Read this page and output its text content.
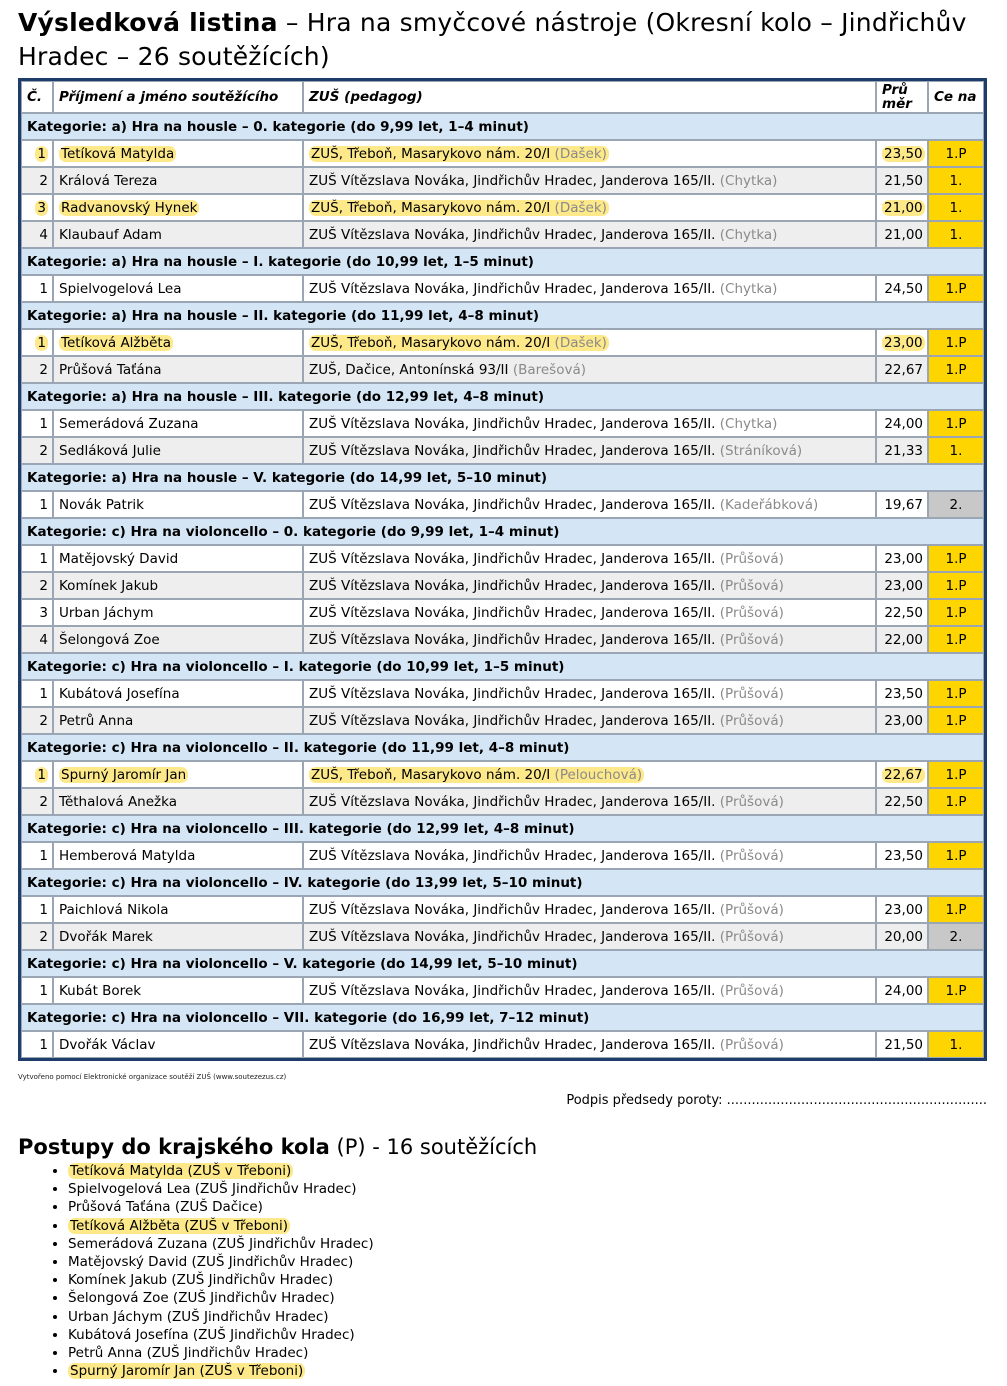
Výsledková listina – Hra na smyčcové nástroje (Okresní kolo – Jindřichův Hradec – 26 soutěžících)
Č.	Příjmení a jméno soutěžícího	ZUŠ (pedagog)	Prů měr	Ce na
Kategorie: a) Hra na housle – 0. kategorie (do 9,99 let, 1–4 minut)				
1	Tetíková Matylda	ZUŠ, Třeboň, Masarykovo nám. 20/I (Dašek)	23,50	1.P
2	Králová Tereza	ZUŠ Vítězslava Nováka, Jindřichův Hradec, Janderova 165/II. (Chytka)	21,50	1.
3	Radvanovský Hynek	ZUŠ, Třeboň, Masarykovo nám. 20/I (Dašek)	21,00	1.
4	Klaubauf Adam	ZUŠ Vítězslava Nováka, Jindřichův Hradec, Janderova 165/II. (Chytka)	21,00	1.
Kategorie: a) Hra na housle – I. kategorie (do 10,99 let, 1–5 minut)				
1	Spielvogelová Lea	ZUŠ Vítězslava Nováka, Jindřichův Hradec, Janderova 165/II. (Chytka)	24,50	1.P
Kategorie: a) Hra na housle – II. kategorie (do 11,99 let, 4–8 minut)				
1	Tetíková Alžběta	ZUŠ, Třeboň, Masarykovo nám. 20/I (Dašek)	23,00	1.P
2	Průšová Taťána	ZUŠ, Dačice, Antonínská 93/II (Barešová)	22,67	1.P
Kategorie: a) Hra na housle – III. kategorie (do 12,99 let, 4–8 minut)				
1	Semerádová Zuzana	ZUŠ Vítězslava Nováka, Jindřichův Hradec, Janderova 165/II. (Chytka)	24,00	1.P
2	Sedláková Julie	ZUŠ Vítězslava Nováka, Jindřichův Hradec, Janderova 165/II. (Stráníková)	21,33	1.
Kategorie: a) Hra na housle – V. kategorie (do 14,99 let, 5–10 minut)				
1	Novák Patrik	ZUŠ Vítězslava Nováka, Jindřichův Hradec, Janderova 165/II. (Kadeřábková)	19,67	2.
Kategorie: c) Hra na violoncello – 0. kategorie (do 9,99 let, 1–4 minut)				
1	Matějovský David	ZUŠ Vítězslava Nováka, Jindřichův Hradec, Janderova 165/II. (Průšová)	23,00	1.P
2	Komínek Jakub	ZUŠ Vítězslava Nováka, Jindřichův Hradec, Janderova 165/II. (Průšová)	23,00	1.P
3	Urban Jáchym	ZUŠ Vítězslava Nováka, Jindřichův Hradec, Janderova 165/II. (Průšová)	22,50	1.P
4	Šelongová Zoe	ZUŠ Vítězslava Nováka, Jindřichův Hradec, Janderova 165/II. (Průšová)	22,00	1.P
Kategorie: c) Hra na violoncello – I. kategorie (do 10,99 let, 1–5 minut)				
1	Kubátová Josefína	ZUŠ Vítězslava Nováka, Jindřichův Hradec, Janderova 165/II. (Průšová)	23,50	1.P
2	Petrů Anna	ZUŠ Vítězslava Nováka, Jindřichův Hradec, Janderova 165/II. (Průšová)	23,00	1.P
Kategorie: c) Hra na violoncello – II. kategorie (do 11,99 let, 4–8 minut)				
1	Spurný Jaromír Jan	ZUŠ, Třeboň, Masarykovo nám. 20/I (Pelouchová)	22,67	1.P
2	Těthalová Anežka	ZUŠ Vítězslava Nováka, Jindřichův Hradec, Janderova 165/II. (Průšová)	22,50	1.P
Kategorie: c) Hra na violoncello – III. kategorie (do 12,99 let, 4–8 minut)				
1	Hemberová Matylda	ZUŠ Vítězslava Nováka, Jindřichův Hradec, Janderova 165/II. (Průšová)	23,50	1.P
Kategorie: c) Hra na violoncello – IV. kategorie (do 13,99 let, 5–10 minut)				
1	Paichlová Nikola	ZUŠ Vítězslava Nováka, Jindřichův Hradec, Janderova 165/II. (Průšová)	23,00	1.P
2	Dvořák Marek	ZUŠ Vítězslava Nováka, Jindřichův Hradec, Janderova 165/II. (Průšová)	20,00	2.
Kategorie: c) Hra na violoncello – V. kategorie (do 14,99 let, 5–10 minut)				
1	Kubát Borek	ZUŠ Vítězslava Nováka, Jindřichův Hradec, Janderova 165/II. (Průšová)	24,00	1.P
Kategorie: c) Hra na violoncello – VII. kategorie (do 16,99 let, 7–12 minut)				
1	Dvořák Václav	ZUŠ Vítězslava Nováka, Jindřichův Hradec, Janderova 165/II. (Průšová)	21,50	1.
Vytvořeno pomocí Elektronické organizace soutěží ZUŠ (www.soutezezus.cz)
Podpis předsedy poroty: ...............................................................
Postupy do krajského kola (P) - 16 soutěžících
• Tetíková Matylda (ZUŠ v Třeboni)
• Spielvogelová Lea (ZUŠ Jindřichův Hradec)
• Průšová Taťána (ZUŠ Dačice)
• Tetíková Alžběta (ZUŠ v Třeboni)
• Semerádová Zuzana (ZUŠ Jindřichův Hradec)
• Matějovský David (ZUŠ Jindřichův Hradec)
• Komínek Jakub (ZUŠ Jindřichův Hradec)
• Šelongová Zoe (ZUŠ Jindřichův Hradec)
• Urban Jáchym (ZUŠ Jindřichův Hradec)
• Kubátová Josefína (ZUŠ Jindřichův Hradec)
• Petrů Anna (ZUŠ Jindřichův Hradec)
• Spurný Jaromír Jan (ZUŠ v Třeboni)
